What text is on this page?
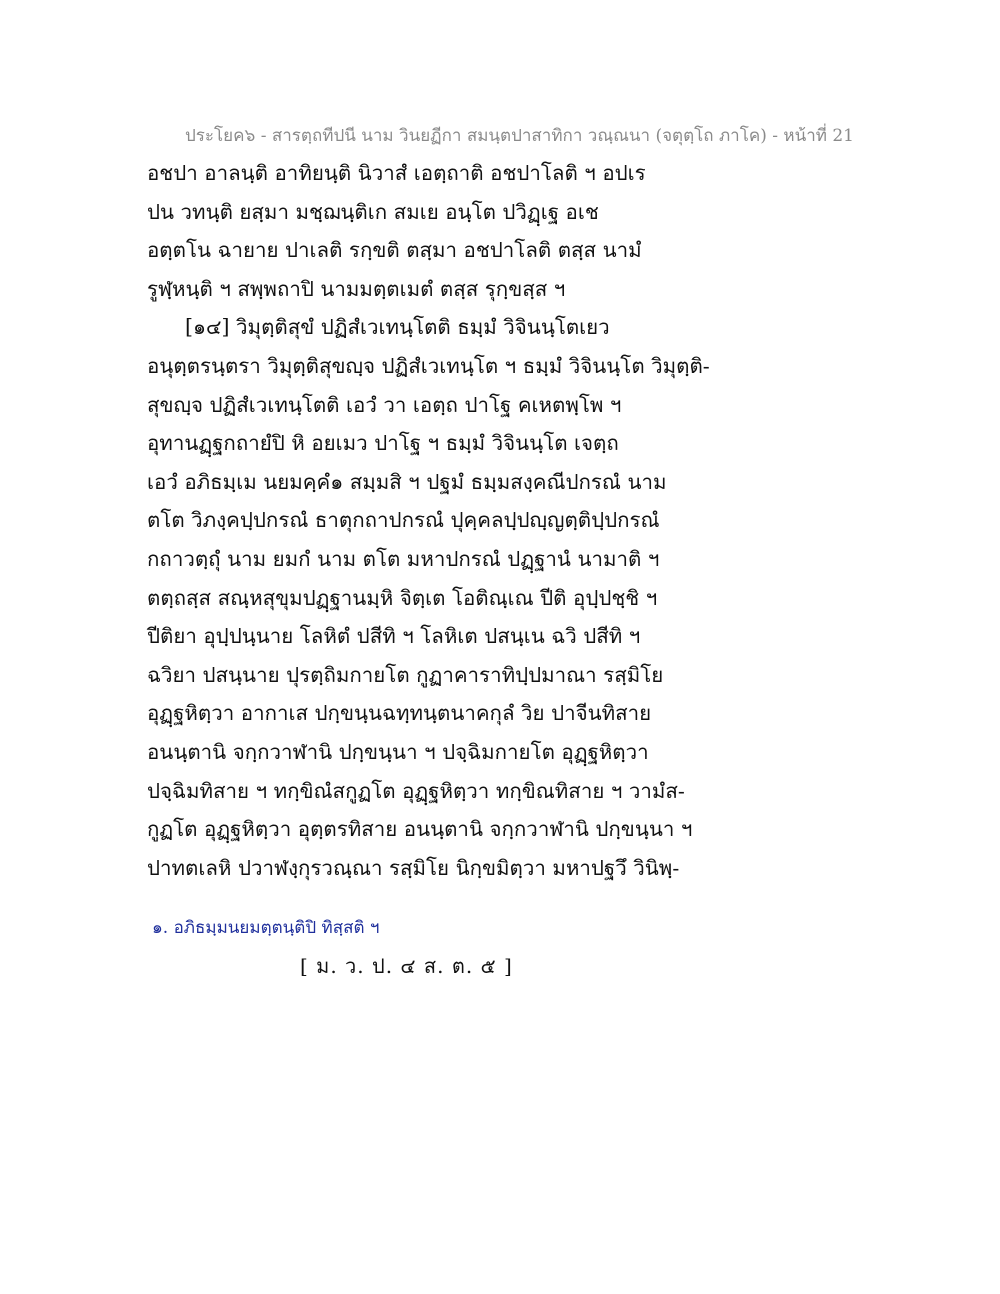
ประโยค๖ - สารตฺถทีปนี นาม วินยฏีกา สมนฺตปาสาทิกา วณฺณนา (จตุตฺโถ ภาโค) - หน้าที่ 21
อชปา อาลนฺติ อาทิยนฺติ นิวาสํ เอตฺถาติ อชปาโลติ ฯ อปเร
ปน วทนฺติ ยสฺมา มชฺฌนฺติเก สมเย อนฺโต ปวิฏฺเฐ อเช
อตฺตโน ฉายาย ปาเลติ รกฺขติ ตสฺมา อชปาโลติ ตสฺส นามํ
รูฬฺหนฺติ ฯ สพฺพถาปิ นามมตฺตเมตํ ตสฺส รุกฺขสฺส ฯ
[๑๔] วิมุตฺติสุขํ ปฏิสํเวเทนฺโตติ ธมฺมํ วิจินนฺโตเยว
อนุตฺตรนฺตรา วิมุตฺติสุขญฺจ ปฏิสํเวเทนฺโต ฯ ธมฺมํ วิจินนฺโต วิมุตฺติ-
สุขญฺจ ปฏิสํเวเทนฺโตติ เอวํ วา เอตฺถ ปาโฐ คเหตพฺโพ ฯ
อุทานฏฺฐกถายํปิ หิ อยเมว ปาโฐ ฯ ธมฺมํ วิจินนฺโต เจตฺถ
เอวํ อภิธมฺเม นยมคฺคํ๑ สมฺมสิ ฯ ปฐมํ ธมฺมสงฺคณีปกรณํ นาม
ตโต วิภงฺคปฺปกรณํ ธาตุกถาปกรณํ ปุคฺคลปฺปญฺญตฺติปฺปกรณํ
กถาวตฺถุํ นาม ยมกํ นาม ตโต มหาปกรณํ ปฏฺฐานํ นามาติ ฯ
ตตฺถสฺส สณฺหสุขุมปฏฺฐานมฺหิ จิตฺเต โอติณฺเณ ปีติ อุปฺปชฺชิ ฯ
ปีติยา อุปฺปนฺนาย โลหิตํ ปสีทิ ฯ โลหิเต ปสนฺเน ฉวิ ปสีทิ ฯ
ฉวิยา ปสนฺนาย ปุรตฺถิมกายโต กูฏาคาราทิปฺปมาณา รสฺมิโย
อุฏฺฐหิตฺวา อากาเส ปกฺขนฺนฉทฺทนฺตนาคกุลํ วิย ปาจีนทิสาย
อนนฺตานิ จกฺกวาฬานิ ปกฺขนฺนา ฯ ปจฺฉิมกายโต อุฏฺฐหิตฺวา
ปจฺฉิมทิสาย ฯ ทกฺขิณํสกูฏโต อุฏฺฐหิตฺวา ทกฺขิณทิสาย ฯ วามํส-
กูฏโต อุฏฺฐหิตฺวา อุตฺตรทิสาย อนนฺตานิ จกฺกวาฬานิ ปกฺขนฺนา ฯ
ปาทตเลหิ ปวาฬงฺกุรวณฺณา รสฺมิโย นิกฺขมิตฺวา มหาปฐวึ วินิพฺ-
๑. อภิธมฺมนยมตฺตนฺติปิ ทิสฺสติ ฯ
[ ม. ว. ป. ๔ ส. ต. ๕ ]
